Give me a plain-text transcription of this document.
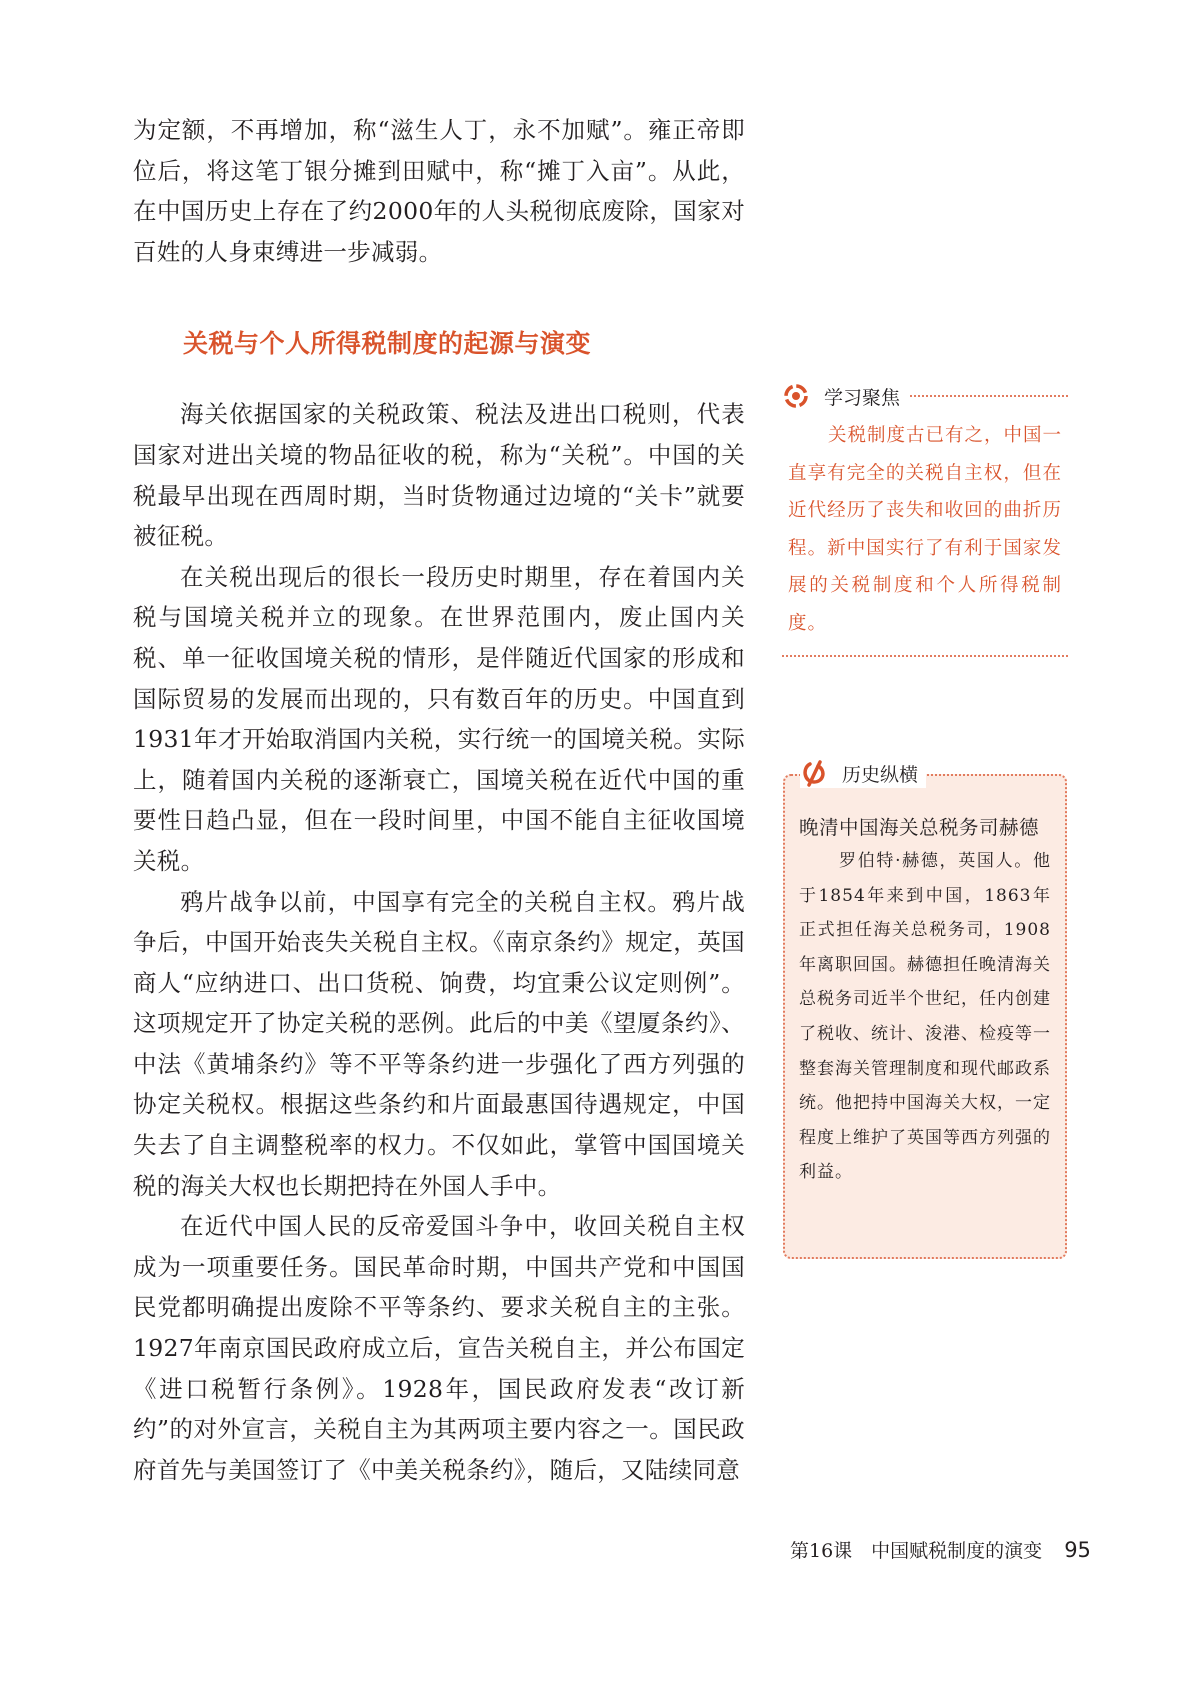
为定额，不再增加，称“滋生人丁，永不加赋”。雍正帝即位后，将这笔丁银分摊到田赋中，称“摊丁入亩”。从此，在中国历史上存在了约2000年的人头税彻底废除，国家对百姓的人身束缚进一步减弱。

关税与个人所得税制度的起源与演变

海关依据国家的关税政策、税法及进出口税则，代表国家对进出关境的物品征收的税，称为“关税”。中国的关税最早出现在西周时期，当时货物通过边境的“关卡”就要被征税。

在关税出现后的很长一段历史时期里，存在着国内关税与国境关税并立的现象。在世界范围内，废止国内关税、单一征收国境关税的情形，是伴随近代国家的形成和国际贸易的发展而出现的，只有数百年的历史。中国直到1931年才开始取消国内关税，实行统一的国境关税。实际上，随着国内关税的逐渐衰亡，国境关税在近代中国的重要性日趋凸显，但在一段时间里，中国不能自主征收国境关税。

鸦片战争以前，中国享有完全的关税自主权。鸦片战争后，中国开始丧失关税自主权。《南京条约》规定，英国商人“应纳进口、出口货税、饷费，均宜秉公议定则例”。这项规定开了协定关税的恶例。此后的中美《望厦条约》、中法《黄埔条约》等不平等条约进一步强化了西方列强的协定关税权。根据这些条约和片面最惠国待遇规定，中国失去了自主调整税率的权力。不仅如此，掌管中国国境关税的海关大权也长期把持在外国人手中。

在近代中国人民的反帝爱国斗争中，收回关税自主权成为一项重要任务。国民革命时期，中国共产党和中国国民党都明确提出废除不平等条约、要求关税自主的主张。1927年南京国民政府成立后，宣告关税自主，并公布国定《进口税暂行条例》。1928年，国民政府发表“改订新约”的对外宣言，关税自主为其两项主要内容之一。国民政府首先与美国签订了《中美关税条约》，随后，又陆续同意

学习聚焦

关税制度古已有之，中国一直享有完全的关税自主权，但在近代经历了丧失和收回的曲折历程。新中国实行了有利于国家发展的关税制度和个人所得税制度。

晚清中国海关总税务司赫德

罗伯特·赫德，英国人。他于1854年来到中国，1863年正式担任海关总税务司，1908年离职回国。赫德担任晚清海关总税务司近半个世纪，任内创建了税收、统计、浚港、检疫等一整套海关管理制度和现代邮政系统。他把持中国海关大权，一定程度上维护了英国等西方列强的利益。

历史纵横
第16课　中国赋税制度的演变 95
